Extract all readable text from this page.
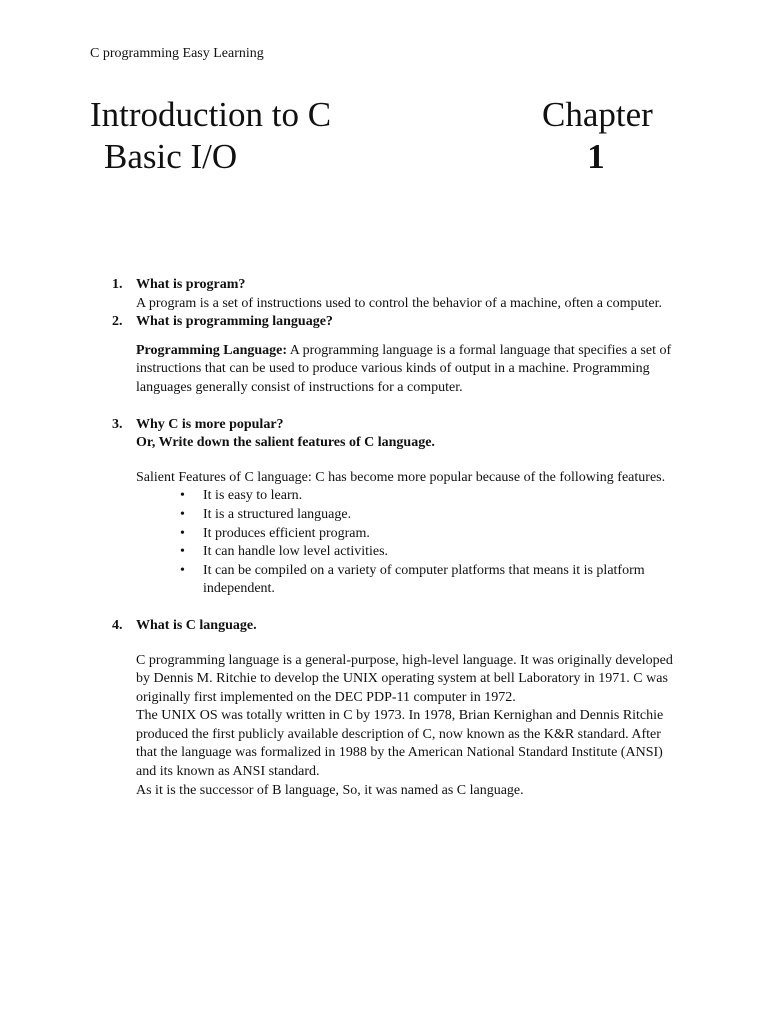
C programming Easy Learning
Introduction to C
Basic I/O
Chapter
1
1. What is program?
A program is a set of instructions used to control the behavior of a machine, often a computer.
2. What is programming language?
Programming Language: A programming language is a formal language that specifies a set of instructions that can be used to produce various kinds of output in a machine. Programming languages generally consist of instructions for a computer.
3. Why C is more popular?
Or, Write down the salient features of C language.
Salient Features of C language: C has become more popular because of the following features.
• It is easy to learn.
• It is a structured language.
• It produces efficient program.
• It can handle low level activities.
• It can be compiled on a variety of computer platforms that means it is platform independent.
4. What is C language.
C programming language is a general-purpose, high-level language. It was originally developed by Dennis M. Ritchie to develop the UNIX operating system at bell Laboratory in 1971. C was originally first implemented on the DEC PDP-11 computer in 1972.
The UNIX OS was totally written in C by 1973. In 1978, Brian Kernighan and Dennis Ritchie produced the first publicly available description of C, now known as the K&R standard. After that the language was formalized in 1988 by the American National Standard Institute (ANSI) and its known as ANSI standard.
As it is the successor of B language, So, it was named as C language.
